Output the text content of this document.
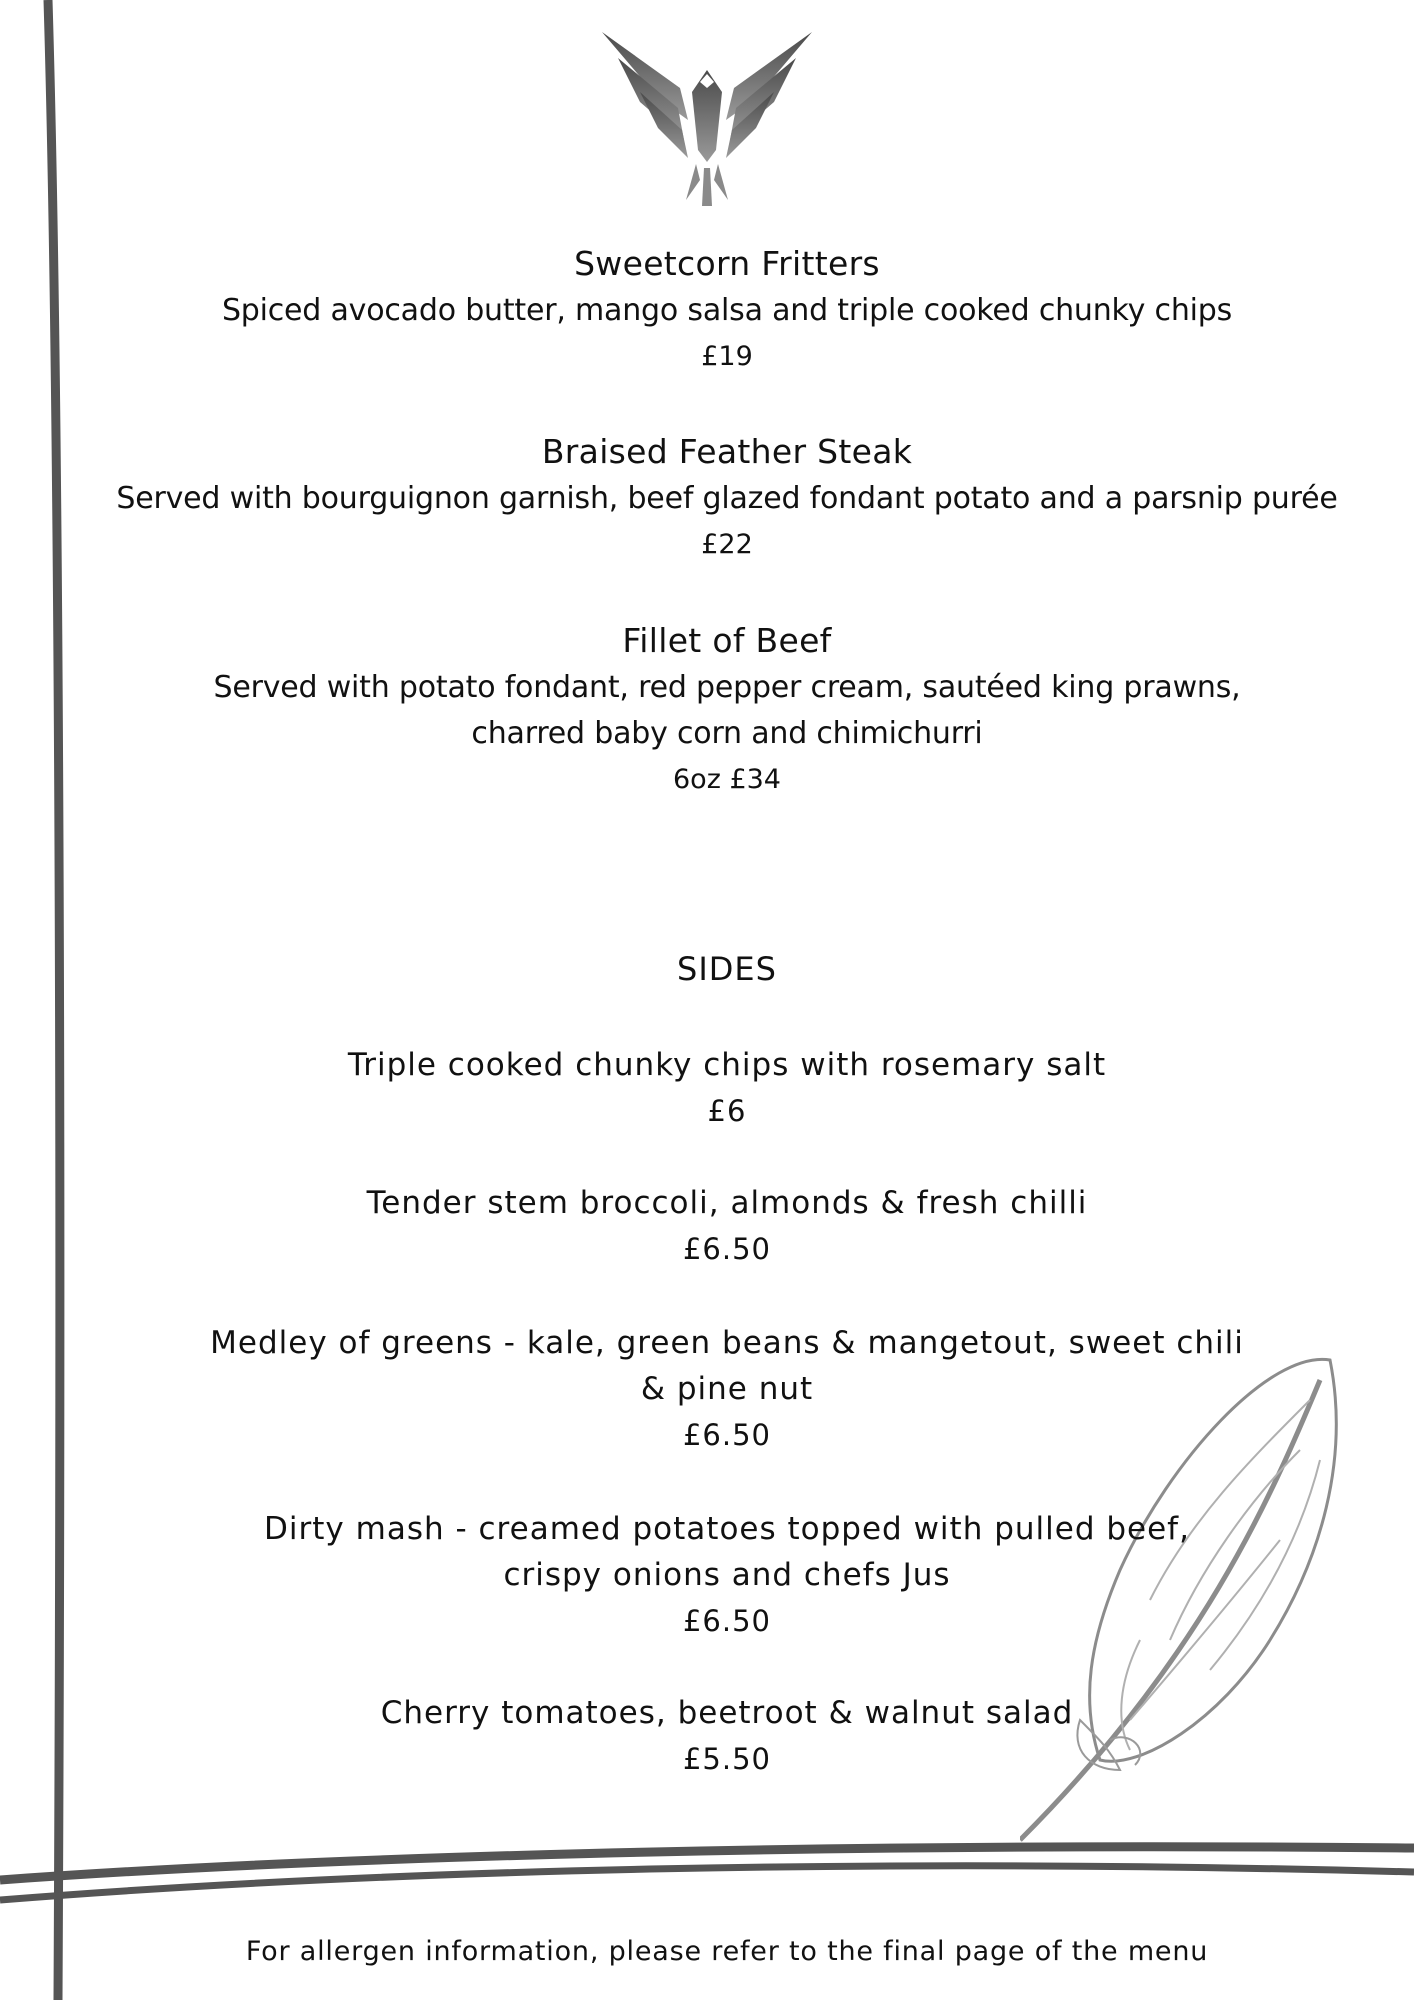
Sweetcorn Fritters
Spiced avocado butter, mango salsa and triple cooked chunky chips
£19
Braised Feather Steak
Served with bourguignon garnish, beef glazed fondant potato and a parsnip purée
£22
Fillet of Beef
Served with potato fondant, red pepper cream, sautéed king prawns,
charred baby corn and chimichurri
6oz £34
SIDES
Triple cooked chunky chips with rosemary salt
£6
Tender stem broccoli, almonds & fresh chilli
£6.50
Medley of greens - kale, green beans & mangetout, sweet chili
& pine nut
£6.50
Dirty mash - creamed potatoes topped with pulled beef,
crispy onions and chefs Jus
£6.50
Cherry tomatoes, beetroot & walnut salad
£5.50
For allergen information, please refer to the final page of the menu
